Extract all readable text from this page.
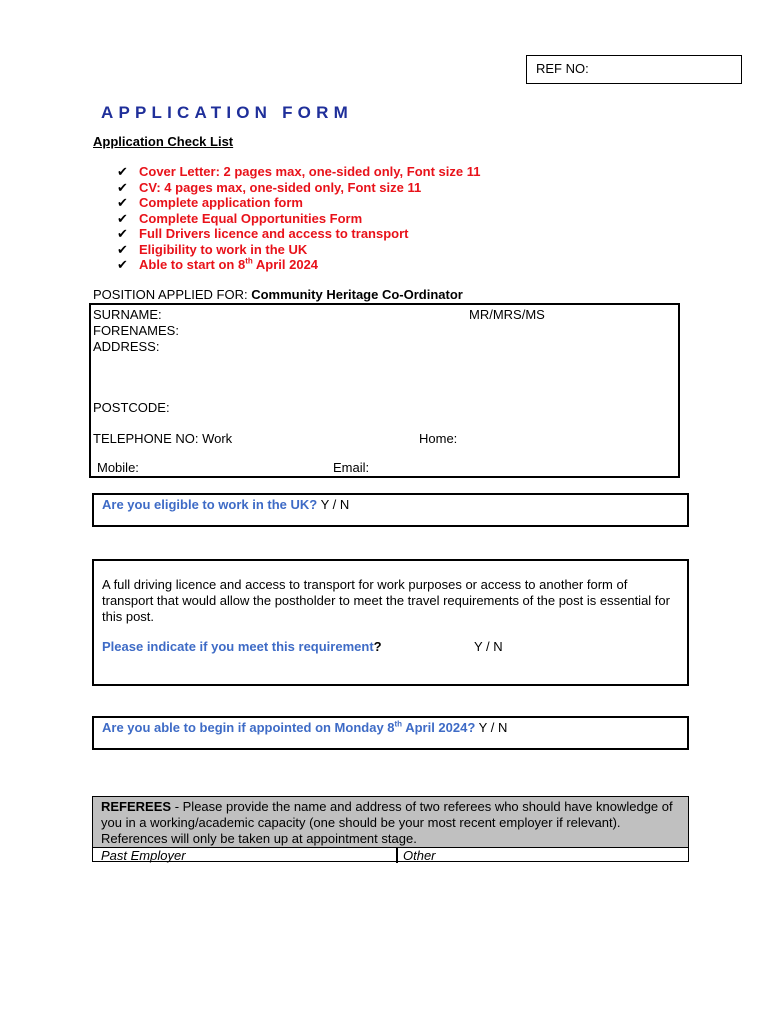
REF NO:
APPLICATION FORM
Application Check List
✔ Cover Letter: 2 pages max, one-sided only, Font size 11
✔ CV: 4 pages max, one-sided only, Font size 11
✔ Complete application form
✔ Complete Equal Opportunities Form
✔ Full Drivers licence and access to transport
✔ Eligibility to work in the UK
✔ Able to start on 8th April 2024
POSITION APPLIED FOR: Community Heritage Co-Ordinator
SURNAME:	MR/MRS/MS
FORENAMES:
ADDRESS:
POSTCODE:
TELEPHONE NO: Work	Home:
Mobile:	Email:
Are you eligible to work in the UK? Y / N
A full driving licence and access to transport for work purposes or access to another form of transport that would allow the postholder to meet the travel requirements of the post is essential for this post.
Please indicate if you meet this requirement?	Y / N
Are you able to begin if appointed on Monday 8th April 2024? Y / N
REFEREES - Please provide the name and address of two referees who should have knowledge of you in a working/academic capacity (one should be your most recent employer if relevant). References will only be taken up at appointment stage.
Past Employer	Other
